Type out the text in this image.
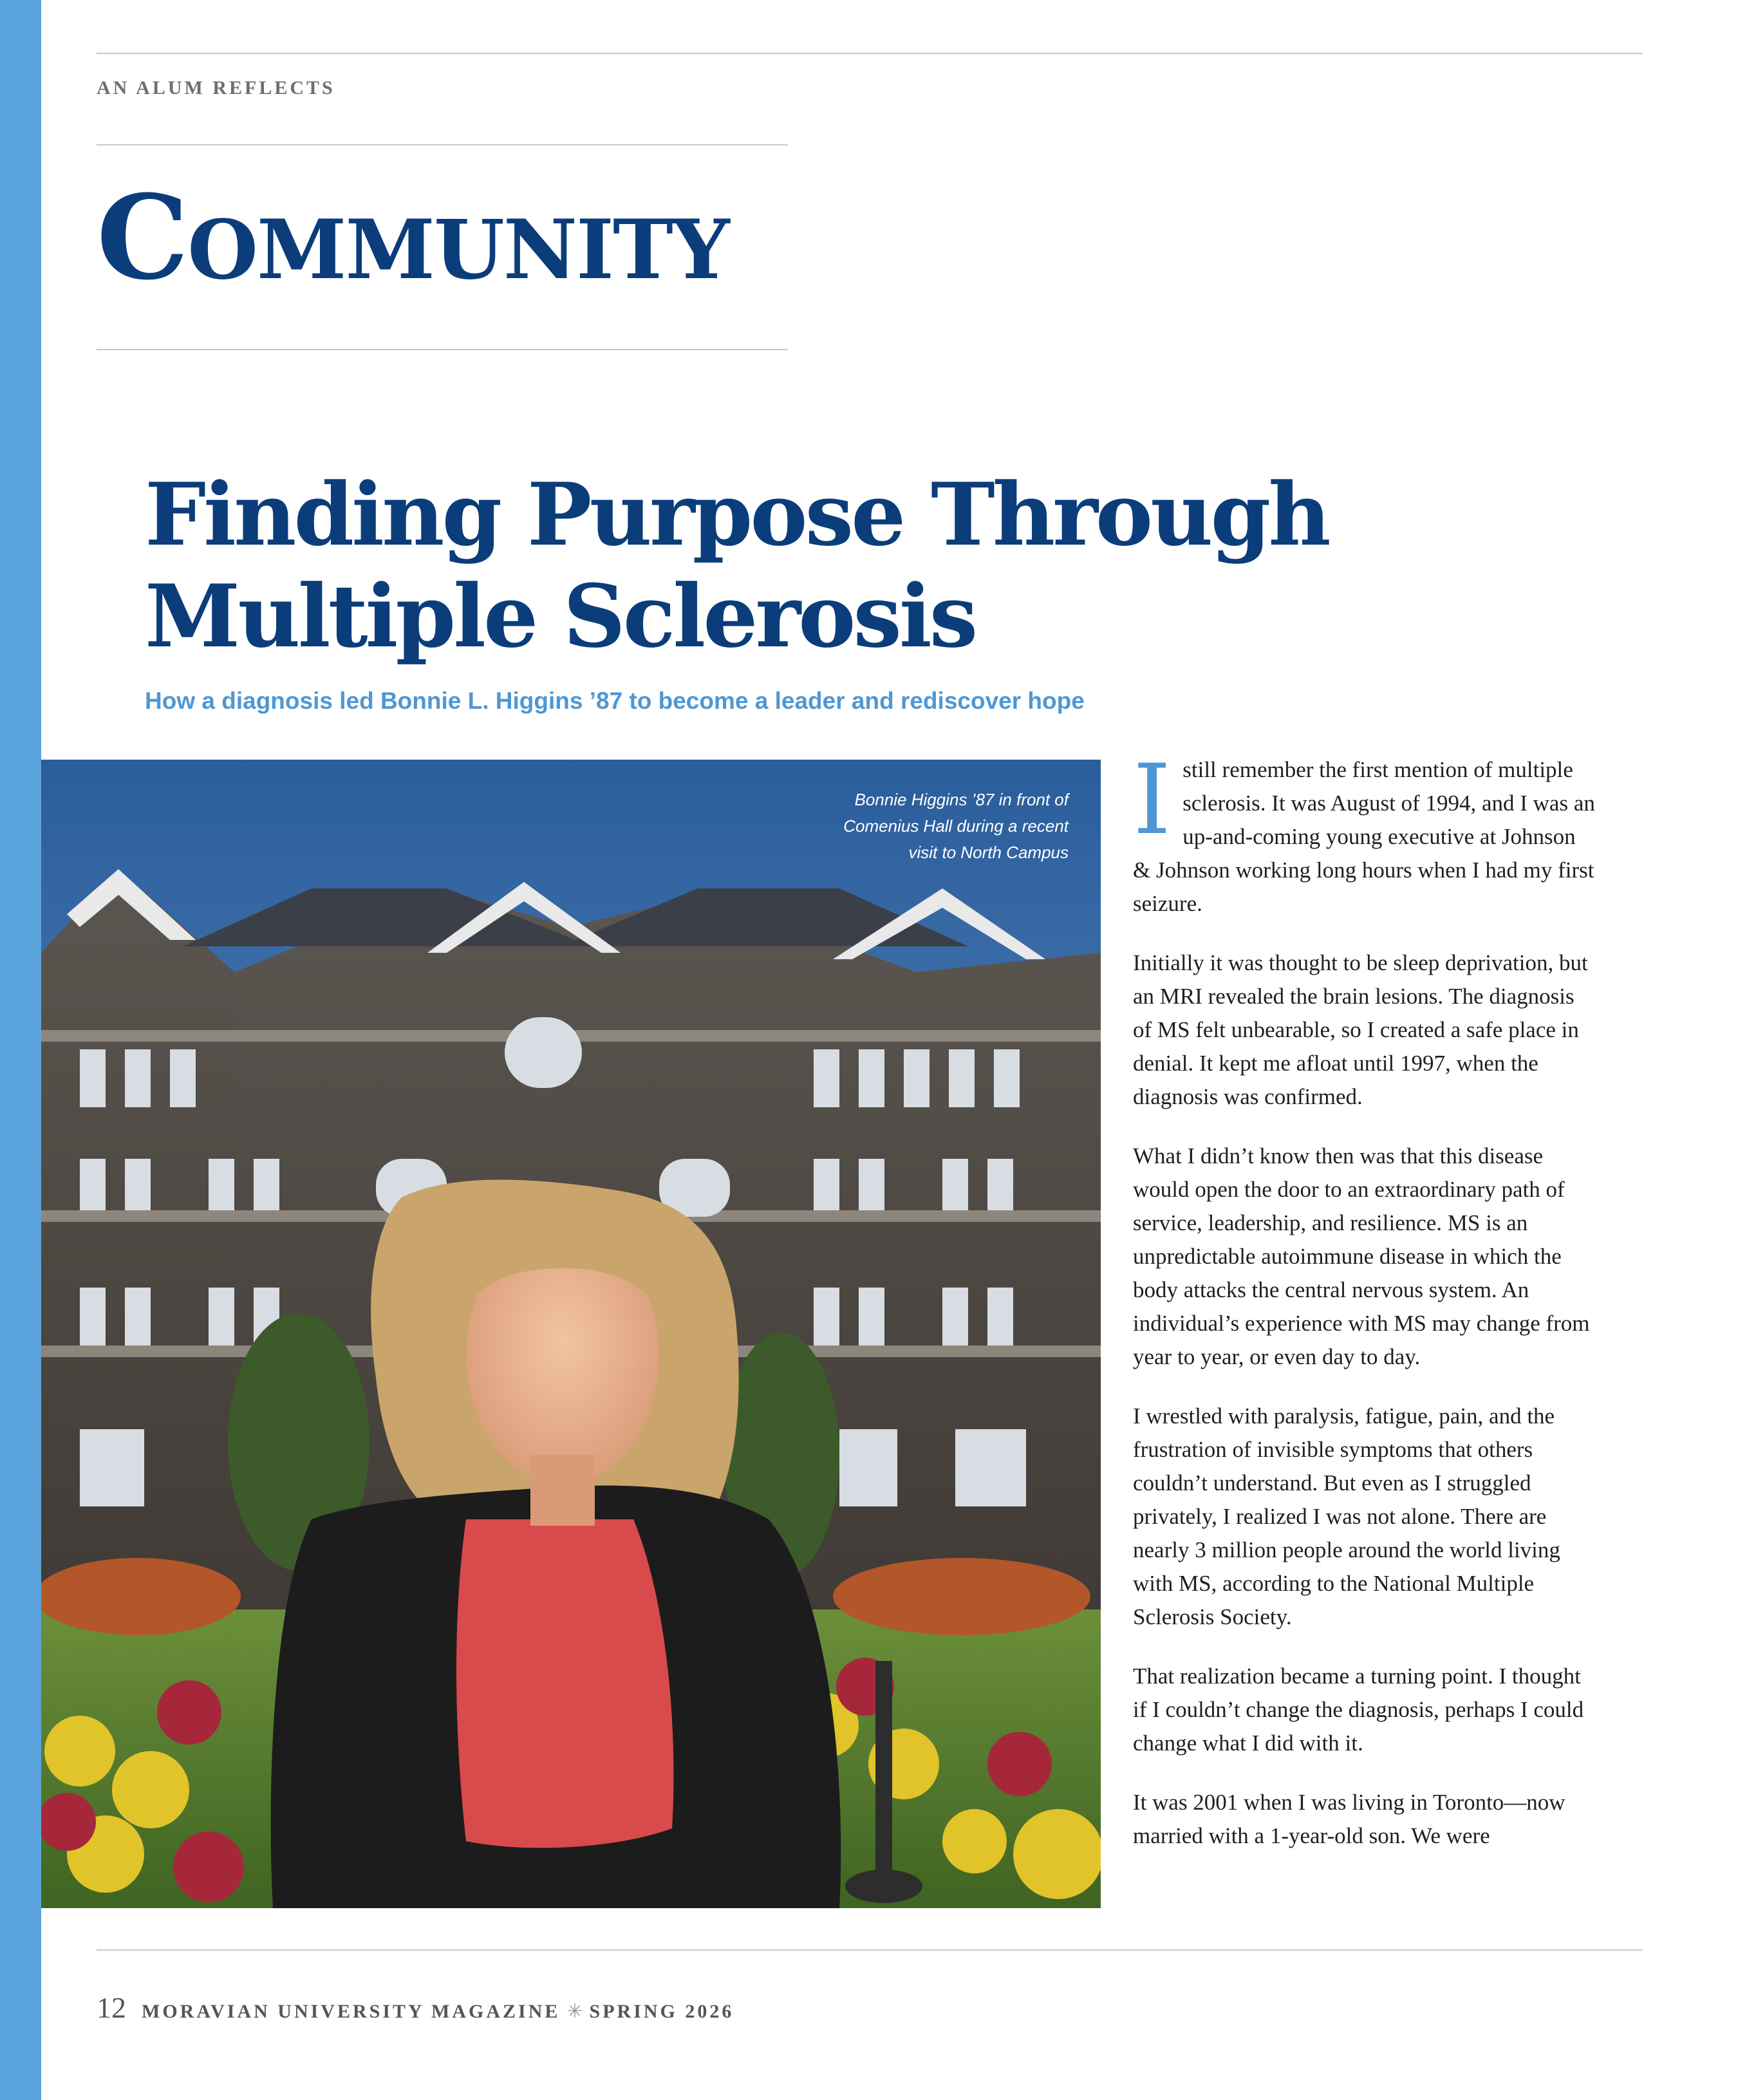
AN ALUM REFLECTS
Community
Finding Purpose Through
Multiple Sclerosis
How a diagnosis led Bonnie L. Higgins ’87 to become a leader and rediscover hope
Bonnie Higgins ’87 in front of
Comenius Hall during a recent
visit to North Campus Istill remember the first mention of multiple sclerosis. It was August of 1994, and I was an up-and-coming young executive at Johnson & Johnson working long hours when I had my first seizure.

Initially it was thought to be sleep deprivation, but an MRI revealed the brain lesions. The diagnosis of MS felt unbearable, so I created a safe place in denial. It kept me afloat until 1997, when the diagnosis was confirmed.

What I didn’t know then was that this disease would open the door to an extraordinary path of service, leadership, and resilience. MS is an unpredictable autoimmune disease in which the body attacks the central nervous system. An individual’s experience with MS may change from year to year, or even day to day.

I wrestled with paralysis, fatigue, pain, and the frustration of invisible symptoms that others couldn’t understand. But even as I struggled privately, I realized I was not alone. There are nearly 3 million people around the world living with MS, according to the National Multiple Sclerosis Society.

That realization became a turning point. I thought if I couldn’t change the diagnosis, perhaps I could change what I did with it.

It was 2001 when I was living in Toronto—now married with a 1-year-old son. We were

12 MORAVIAN UNIVERSITY MAGAZINE ✳ SPRING 2026
